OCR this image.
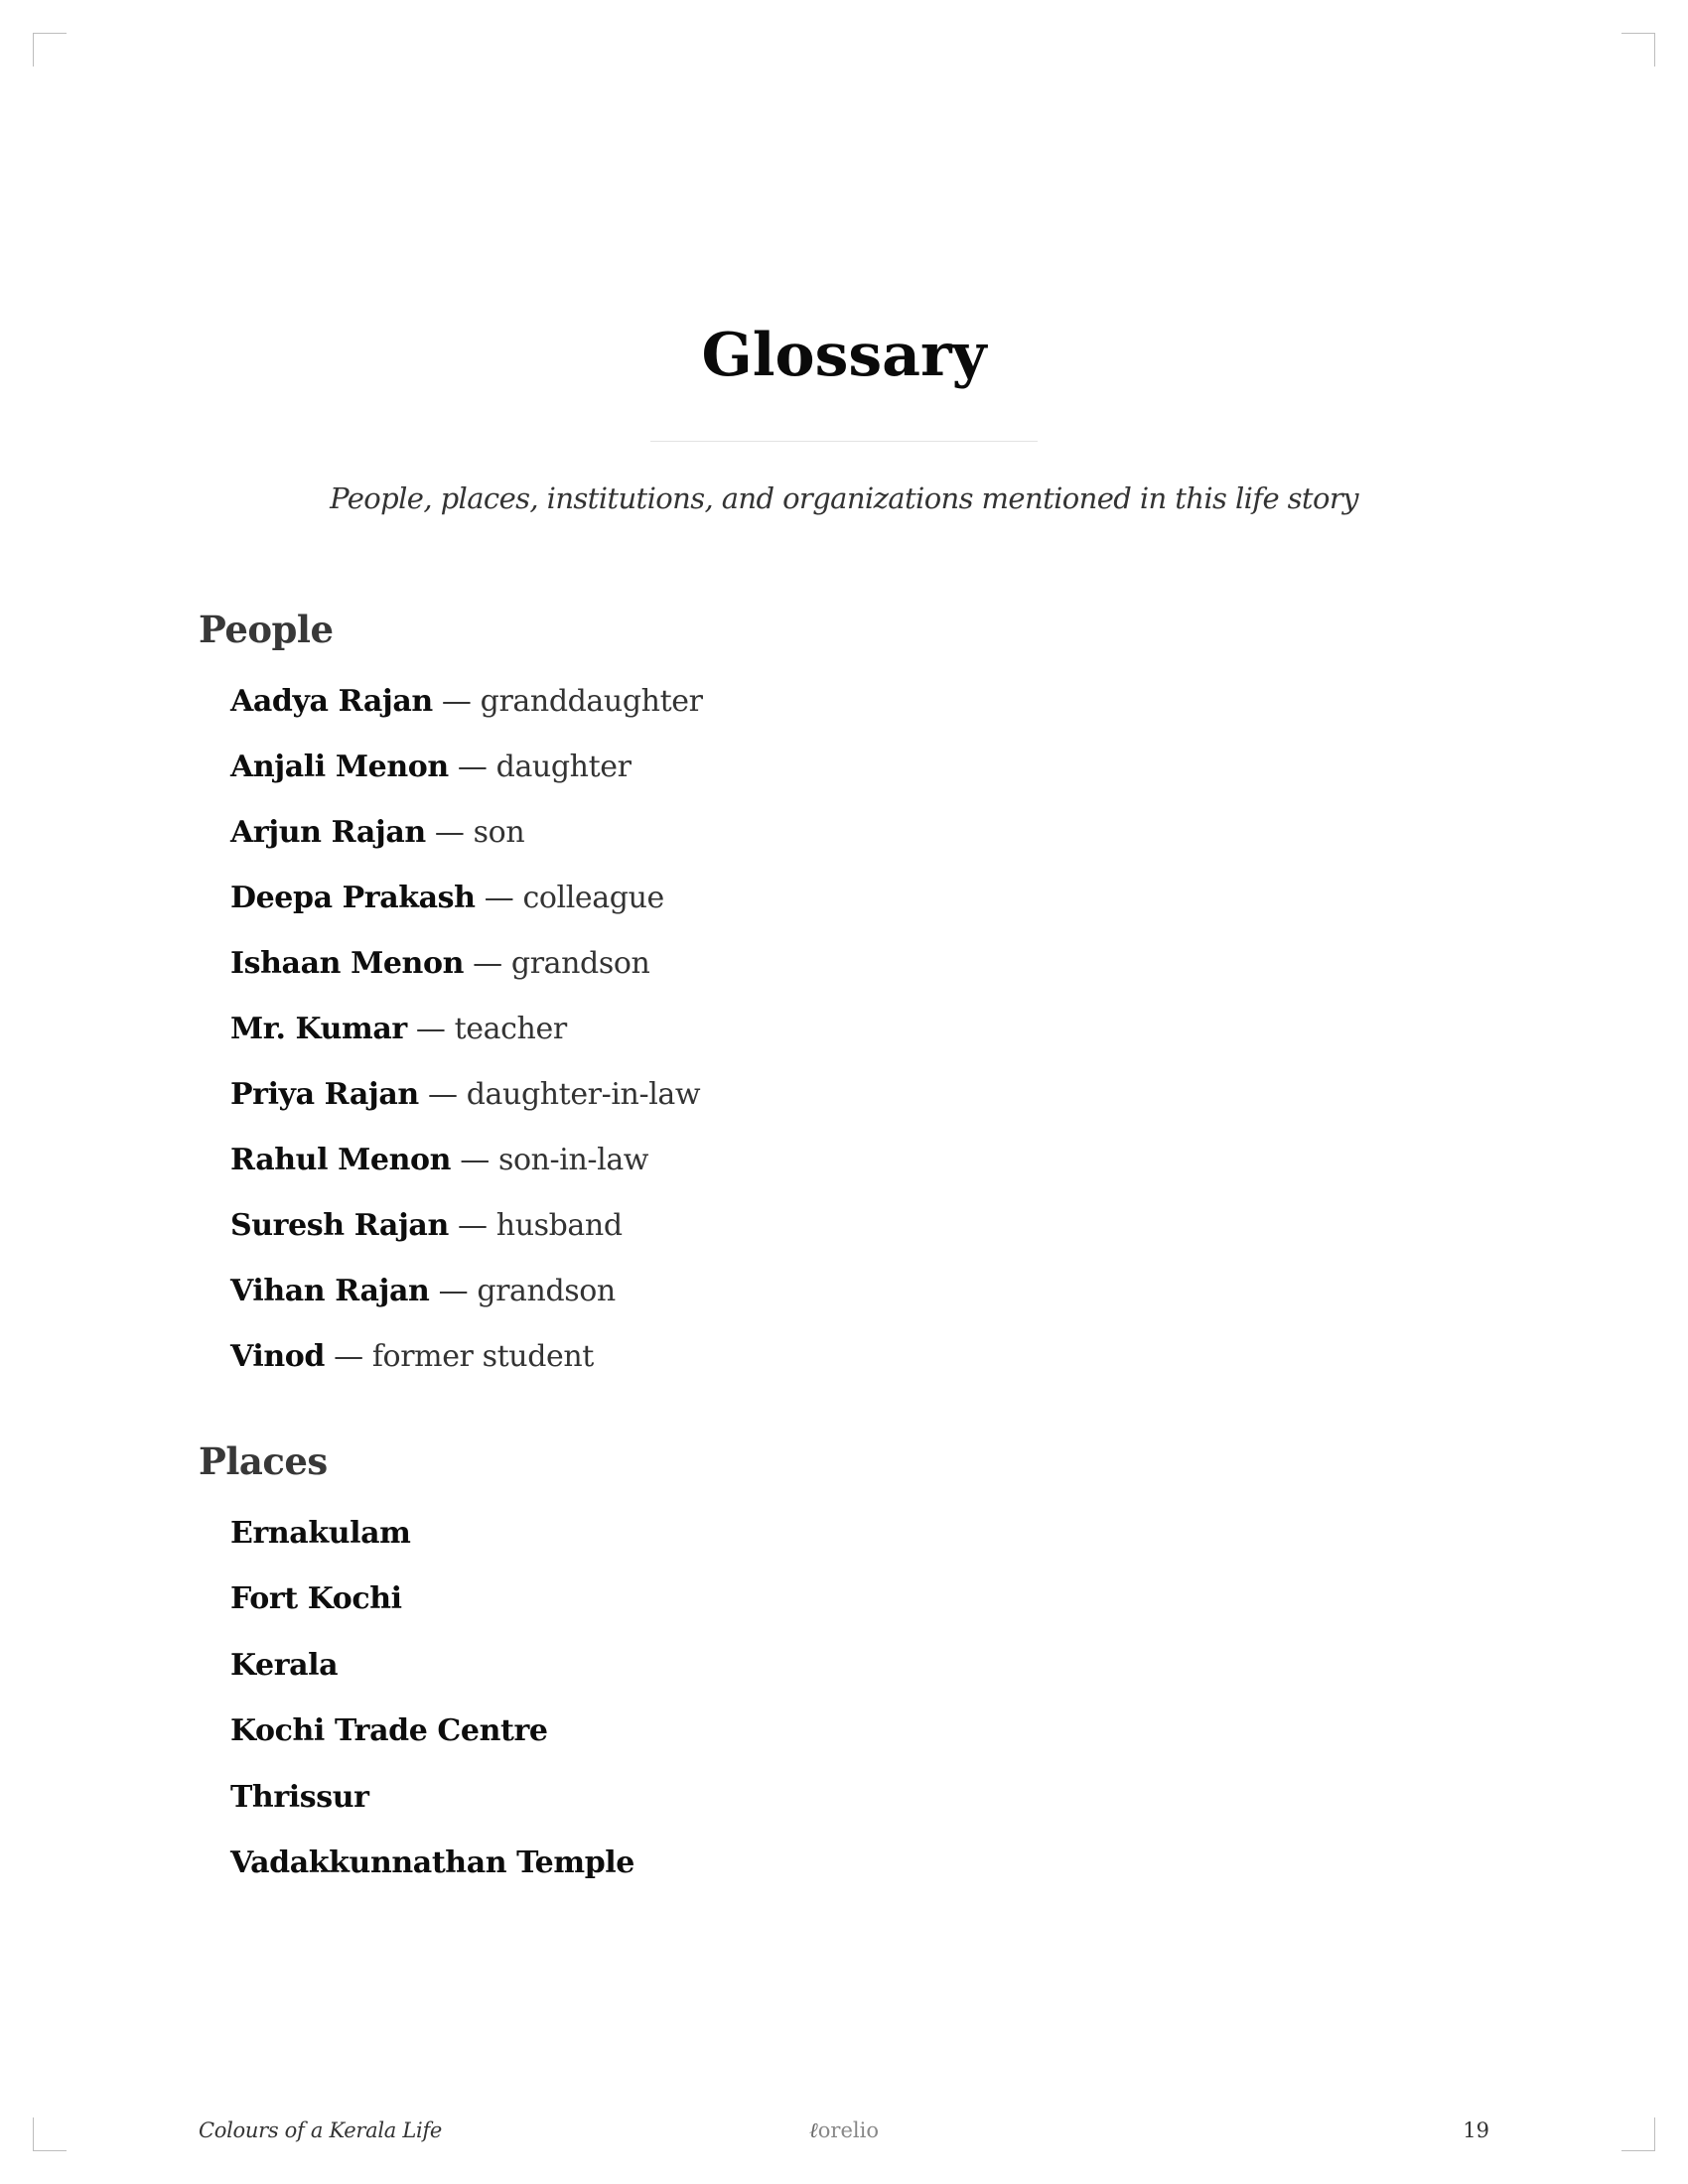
Glossary
People, places, institutions, and organizations mentioned in this life story
People
Aadya Rajan — granddaughter
Anjali Menon — daughter
Arjun Rajan — son
Deepa Prakash — colleague
Ishaan Menon — grandson
Mr. Kumar — teacher
Priya Rajan — daughter-in-law
Rahul Menon — son-in-law
Suresh Rajan — husband
Vihan Rajan — grandson
Vinod — former student
Places
Ernakulam
Fort Kochi
Kerala
Kochi Trade Centre
Thrissur
Vadakkunnathan Temple
Colours of a Kerala Life	ℓorelio	19
